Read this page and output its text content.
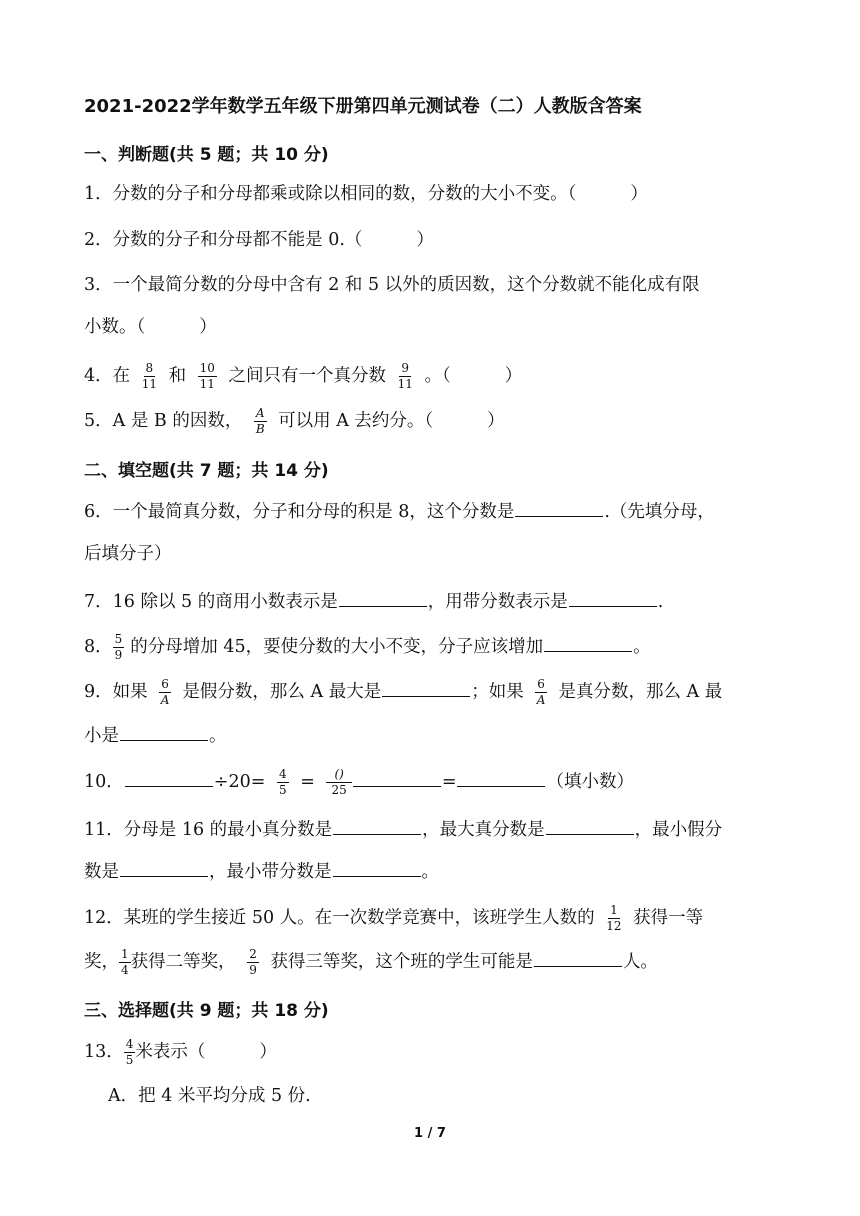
2021-2022学年数学五年级下册第四单元测试卷（二）人教版含答案
一、判断题(共 5 题；共 10 分)
1．分数的分子和分母都乘或除以相同的数，分数的大小不变。（	）
2．分数的分子和分母都不能是 0.（	）
3．一个最简分数的分母中含有 2 和 5 以外的质因数，这个分数就不能化成有限
小数。（	）
4．在 $\frac{8}{11}$ 和 $\frac{10}{11}$ 之间只有一个真分数 $\frac{9}{11}$ 。（	）
5．A 是 B 的因数， $\frac{A}{B}$ 可以用 A 去约分。（	）
二、填空题(共 7 题；共 14 分)
6．一个最简真分数，分子和分母的积是 8，这个分数是	.（先填分母，
后填分子）
7．16 除以 5 的商用小数表示是	，用带分数表示是	.
8． $\frac{5}{9}$ 的分母增加 45，要使分数的大小不变，分子应该增加	。
9．如果 $\frac{6}{A}$ 是假分数，那么 A 最大是	；如果 $\frac{6}{A}$ 是真分数，那么 A 最
小是	。
10．	$\div 20= \frac{4}{5} = \frac{()}{25}$	=	（填小数）
11．分母是 16 的最小真分数是	，最大真分数是	，最小假分
数是	，最小带分数是	。
12．某班的学生接近 50 人。在一次数学竞赛中，该班学生人数的 $\frac{1}{12}$ 获得一等
奖， $\frac{1}{4}$ 获得二等奖， $\frac{2}{9}$ 获得三等奖，这个班的学生可能是	人。
三、选择题(共 9 题；共 18 分)
13． $\frac{4}{5}$ 米表示（	）
A．把 4 米平均分成 5 份.
1 / 7
